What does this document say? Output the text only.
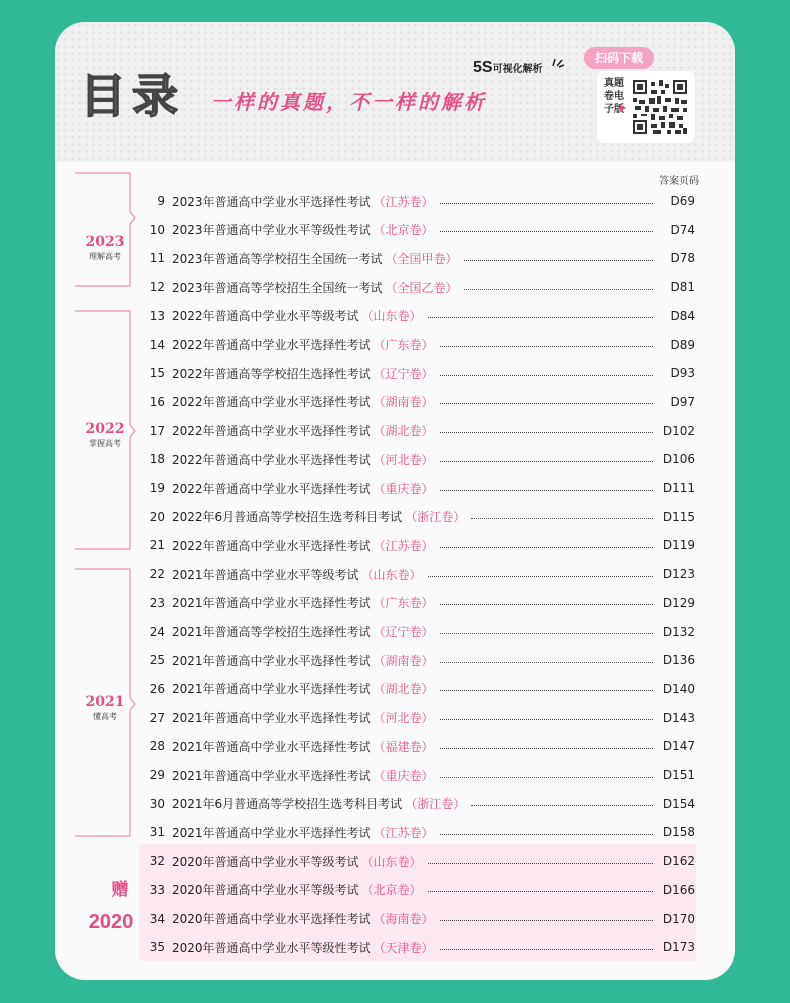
目录 一样的真题，不一样的解析
5S可视化解析
扫码下载
真题卷电子版
答案页码
2023
理解高考
2022
掌握高考
2021
懂高考
赠
2020
9 2023年普通高中学业水平选择性考试 （江苏卷）	D69
10 2023年普通高中学业水平等级性考试 （北京卷）	D74
11 2023年普通高等学校招生全国统一考试 （全国甲卷）	D78
12 2023年普通高等学校招生全国统一考试 （全国乙卷）	D81
13 2022年普通高中学业水平等级考试 （山东卷）	D84
14 2022年普通高中学业水平选择性考试 （广东卷）	D89
15 2022年普通高等学校招生选择性考试 （辽宁卷）	D93
16 2022年普通高中学业水平选择性考试 （湖南卷）	D97
17 2022年普通高中学业水平选择性考试 （湖北卷）	D102
18 2022年普通高中学业水平选择性考试 （河北卷）	D106
19 2022年普通高中学业水平选择性考试 （重庆卷）	D111
20 2022年6月普通高等学校招生选考科目考试 （浙江卷）	D115
21 2022年普通高中学业水平选择性考试 （江苏卷）	D119
22 2021年普通高中学业水平等级考试 （山东卷）	D123
23 2021年普通高中学业水平选择性考试 （广东卷）	D129
24 2021年普通高等学校招生选择性考试 （辽宁卷）	D132
25 2021年普通高中学业水平选择性考试 （湖南卷）	D136
26 2021年普通高中学业水平选择性考试 （湖北卷）	D140
27 2021年普通高中学业水平选择性考试 （河北卷）	D143
28 2021年普通高中学业水平选择性考试 （福建卷）	D147
29 2021年普通高中学业水平选择性考试 （重庆卷）	D151
30 2021年6月普通高等学校招生选考科目考试 （浙江卷）	D154
31 2021年普通高中学业水平选择性考试 （江苏卷）	D158
32 2020年普通高中学业水平等级考试 （山东卷）	D162
33 2020年普通高中学业水平等级考试 （北京卷）	D166
34 2020年普通高中学业水平选择性考试 （海南卷）	D170
35 2020年普通高中学业水平等级性考试 （天津卷）	D173
